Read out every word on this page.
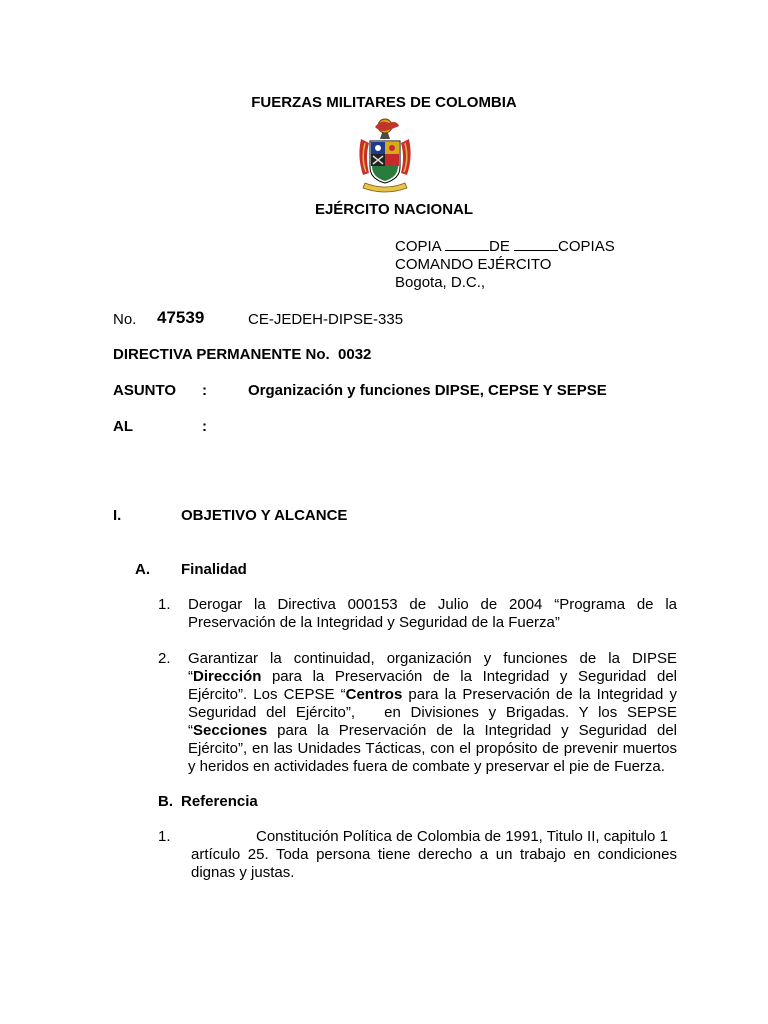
FUERZAS MILITARES DE COLOMBIA
EJÉRCITO NACIONAL
COPIA	DE	COPIAS
COMANDO EJÉRCITO
Bogota, D.C.,
No. 47539	CE-JEDEH-DIPSE-335
DIRECTIVA PERMANENTE No.  0032
ASUNTO :	Organización y funciones DIPSE, CEPSE Y SEPSE
AL	:
I.	OBJETIVO Y ALCANCE
A. Finalidad
1. Derogar la Directiva 000153 de Julio de 2004 “Programa de la Preservación de la Integridad y Seguridad de la Fuerza”
2. Garantizar la continuidad, organización y funciones de la DIPSE “Dirección para la Preservación de la Integridad y Seguridad del Ejército”. Los CEPSE “Centros para la Preservación de la Integridad y Seguridad del Ejército”,   en Divisiones y Brigadas. Y los SEPSE “Secciones para la Preservación de la Integridad y Seguridad del Ejército”, en las Unidades Tácticas, con el propósito de prevenir muertos y heridos en actividades fuera de combate y preservar el pie de Fuerza.
B. Referencia
1.	Constitución Política de Colombia de 1991, Titulo II, capitulo 1
artículo 25. Toda persona tiene derecho a un trabajo en condiciones dignas y justas.
